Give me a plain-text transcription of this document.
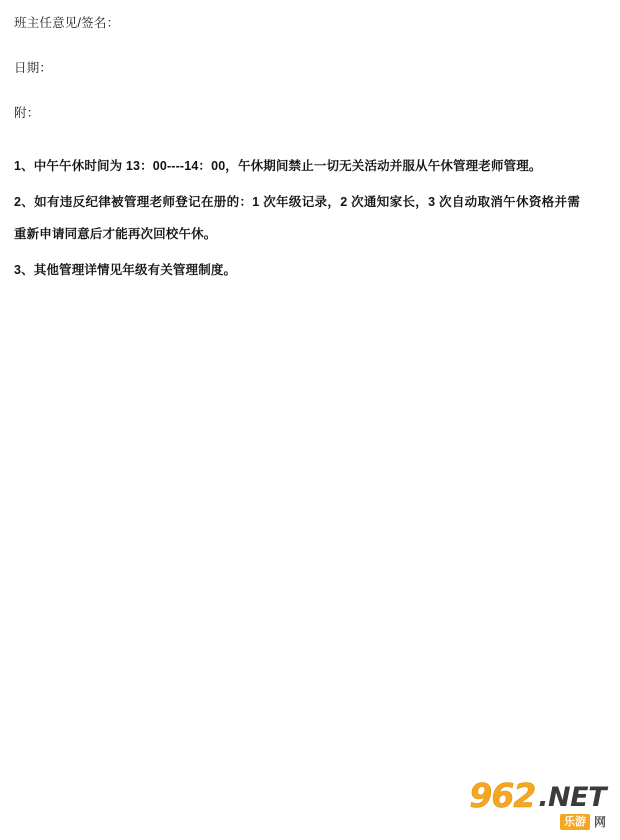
班主任意见/签名：
日期：
附：

1、中午午休时间为 13：00----14：00，午休期间禁止一切无关活动并服从午休管理老师管理。

2、如有违反纪律被管理老师登记在册的：1 次年级记录，2 次通知家长，3 次自动取消午休资格并需重新申请同意后才能再次回校午休。

3、其他管理详情见年级有关管理制度。

962 .NET
乐游 网
